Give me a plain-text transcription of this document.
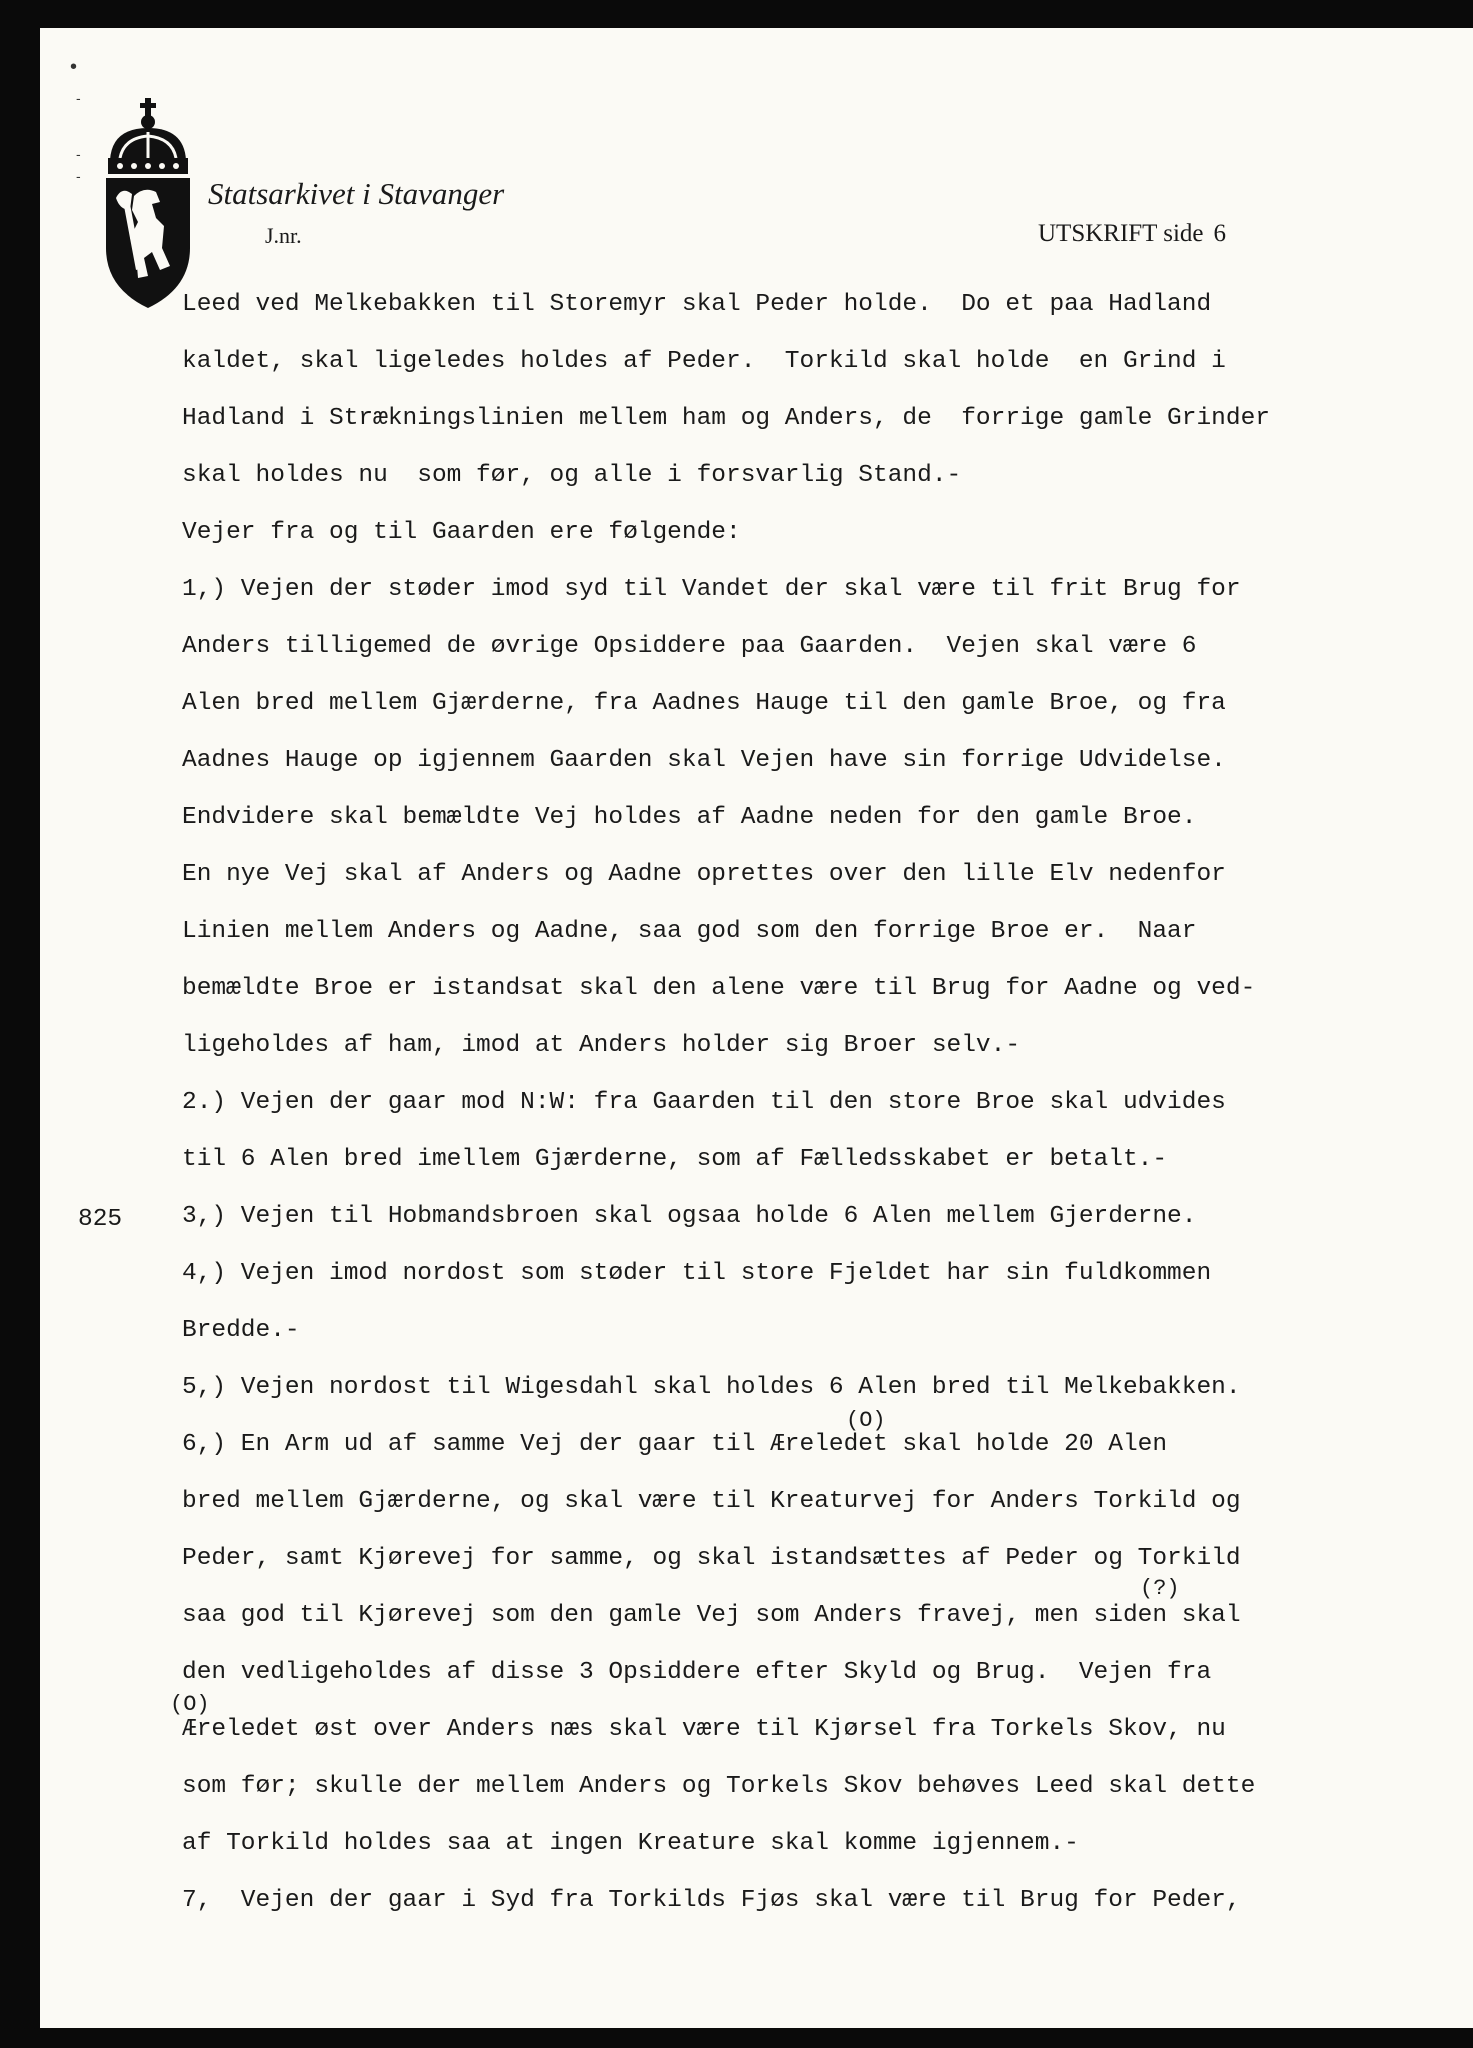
•
-
-
-	Statsarkivet i Stavanger
J.nr.	UTSKRIFT side 6
825
Leed ved Melkebakken til Storemyr skal Peder holde.  Do et paa Hadland
kaldet, skal ligeledes holdes af Peder.  Torkild skal holde  en Grind i
Hadland i Strækningslinien mellem ham og Anders, de  forrige gamle Grinder
skal holdes nu  som før, og alle i forsvarlig Stand.-
Vejer fra og til Gaarden ere følgende:
1,) Vejen der støder imod syd til Vandet der skal være til frit Brug for
Anders tilligemed de øvrige Opsiddere paa Gaarden.  Vejen skal være 6
Alen bred mellem Gjærderne, fra Aadnes Hauge til den gamle Broe, og fra
Aadnes Hauge op igjennem Gaarden skal Vejen have sin forrige Udvidelse.
Endvidere skal bemældte Vej holdes af Aadne neden for den gamle Broe.
En nye Vej skal af Anders og Aadne oprettes over den lille Elv nedenfor
Linien mellem Anders og Aadne, saa god som den forrige Broe er.  Naar
bemældte Broe er istandsat skal den alene være til Brug for Aadne og ved-
ligeholdes af ham, imod at Anders holder sig Broer selv.-
2.) Vejen der gaar mod N:W: fra Gaarden til den store Broe skal udvides
til 6 Alen bred imellem Gjærderne, som af Fælledsskabet er betalt.-
3,) Vejen til Hobmandsbroen skal ogsaa holde 6 Alen mellem Gjerderne.
4,) Vejen imod nordost som støder til store Fjeldet har sin fuldkommen
Bredde.-
5,) Vejen nordost til Wigesdahl skal holdes 6 Alen bred til Melkebakken.
6,) En Arm ud af samme Vej der gaar til Æreledet skal holde 20 Alen
bred mellem Gjærderne, og skal være til Kreaturvej for Anders Torkild og
Peder, samt Kjørevej for samme, og skal istandsættes af Peder og Torkild
saa god til Kjørevej som den gamle Vej som Anders fravej, men siden skal
den vedligeholdes af disse 3 Opsiddere efter Skyld og Brug.  Vejen fra
Æreledet øst over Anders næs skal være til Kjørsel fra Torkels Skov, nu
som før; skulle der mellem Anders og Torkels Skov behøves Leed skal dette
af Torkild holdes saa at ingen Kreature skal komme igjennem.-
7,  Vejen der gaar i Syd fra Torkilds Fjøs skal være til Brug for Peder,
(O)
(?)
(O)
